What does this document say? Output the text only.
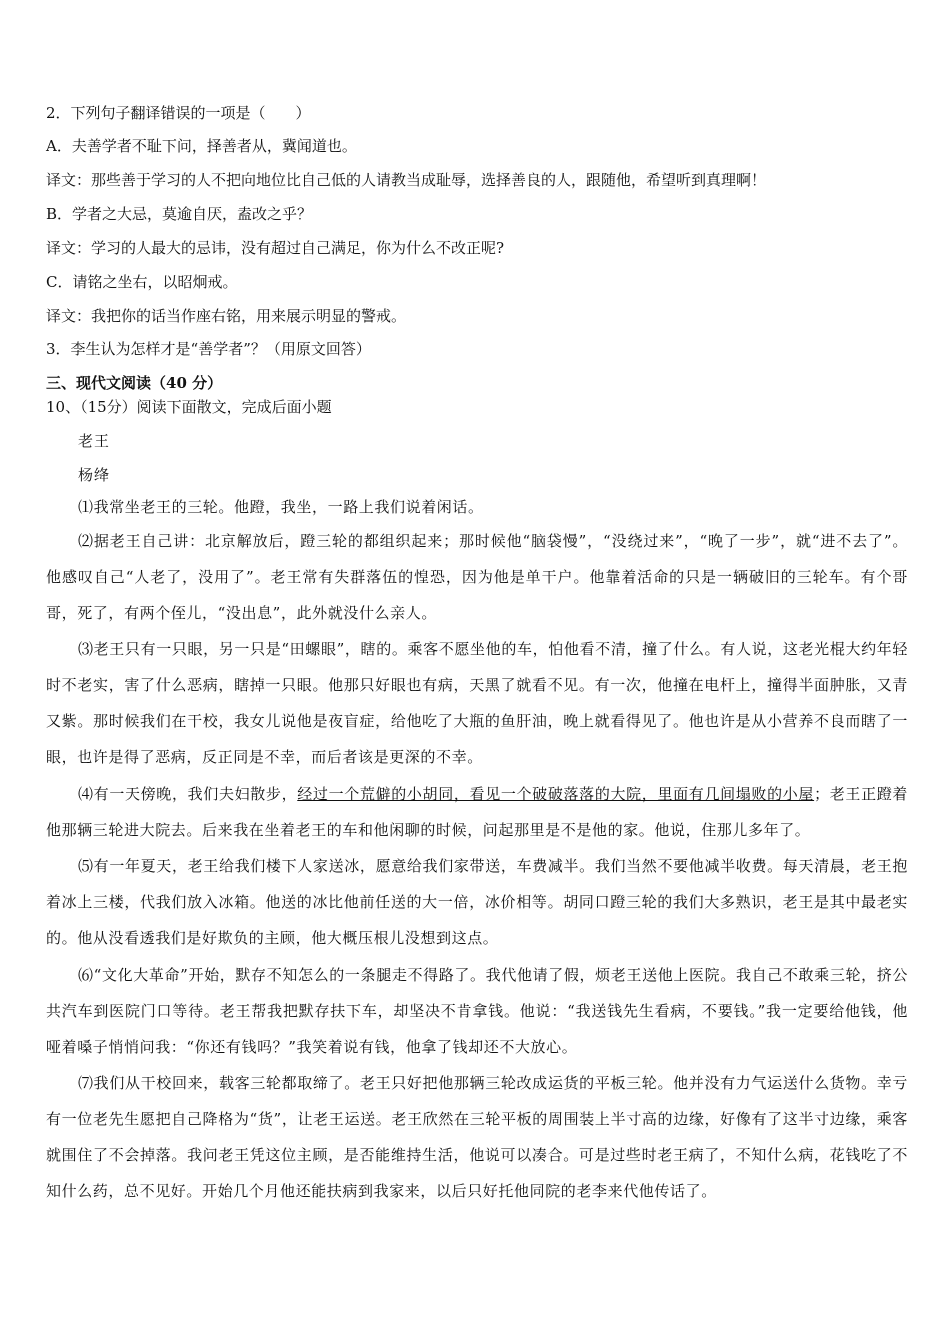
2．下列句子翻译错误的一项是（　　）
A．夫善学者不耻下问，择善者从，冀闻道也。
译文：那些善于学习的人不把向地位比自己低的人请教当成耻辱，选择善良的人，跟随他，希望听到真理啊！
B．学者之大忌，莫逾自厌，盍改之乎？
译文：学习的人最大的忌讳，没有超过自己满足，你为什么不改正呢?
C．请铭之坐右，以昭炯戒。
译文：我把你的话当作座右铭，用来展示明显的警戒。
3．李生认为怎样才是“善学者”？（用原文回答）
三、现代文阅读（40 分）
10、（15分）阅读下面散文，完成后面小题
老王
杨绛
⑴我常坐老王的三轮。他蹬，我坐，一路上我们说着闲话。
⑵据老王自己讲：北京解放后，蹬三轮的都组织起来；那时候他“脑袋慢”，“没绕过来”，“晚了一步”，就“进不去了”。他感叹自己“人老了，没用了”。老王常有失群落伍的惶恐，因为他是单干户。他靠着活命的只是一辆破旧的三轮车。有个哥哥，死了，有两个侄儿，“没出息”，此外就没什么亲人。
⑶老王只有一只眼，另一只是“田螺眼”，瞎的。乘客不愿坐他的车，怕他看不清，撞了什么。有人说，这老光棍大约年轻时不老实，害了什么恶病，瞎掉一只眼。他那只好眼也有病，天黑了就看不见。有一次，他撞在电杆上，撞得半面肿胀，又青又紫。那时候我们在干校，我女儿说他是夜盲症，给他吃了大瓶的鱼肝油，晚上就看得见了。他也许是从小营养不良而瞎了一眼，也许是得了恶病，反正同是不幸，而后者该是更深的不幸。
⑷有一天傍晚，我们夫妇散步，经过一个荒僻的小胡同，看见一个破破落落的大院，里面有几间塌败的小屋；老王正蹬着他那辆三轮进大院去。后来我在坐着老王的车和他闲聊的时候，问起那里是不是他的家。他说，住那儿多年了。
⑸有一年夏天，老王给我们楼下人家送冰，愿意给我们家带送，车费减半。我们当然不要他减半收费。每天清晨，老王抱着冰上三楼，代我们放入冰箱。他送的冰比他前任送的大一倍，冰价相等。胡同口蹬三轮的我们大多熟识，老王是其中最老实的。他从没看透我们是好欺负的主顾，他大概压根儿没想到这点。
⑹“文化大革命”开始，默存不知怎么的一条腿走不得路了。我代他请了假，烦老王送他上医院。我自己不敢乘三轮，挤公共汽车到医院门口等待。老王帮我把默存扶下车，却坚决不肯拿钱。他说：“我送钱先生看病，不要钱。”我一定要给他钱，他哑着嗓子悄悄问我：“你还有钱吗？”我笑着说有钱，他拿了钱却还不大放心。
⑺我们从干校回来，载客三轮都取缔了。老王只好把他那辆三轮改成运货的平板三轮。他并没有力气运送什么货物。幸亏有一位老先生愿把自己降格为“货”，让老王运送。老王欣然在三轮平板的周围装上半寸高的边缘，好像有了这半寸边缘，乘客就围住了不会掉落。我问老王凭这位主顾，是否能维持生活，他说可以凑合。可是过些时老王病了，不知什么病，花钱吃了不知什么药，总不见好。开始几个月他还能扶病到我家来，以后只好托他同院的老李来代他传话了。
